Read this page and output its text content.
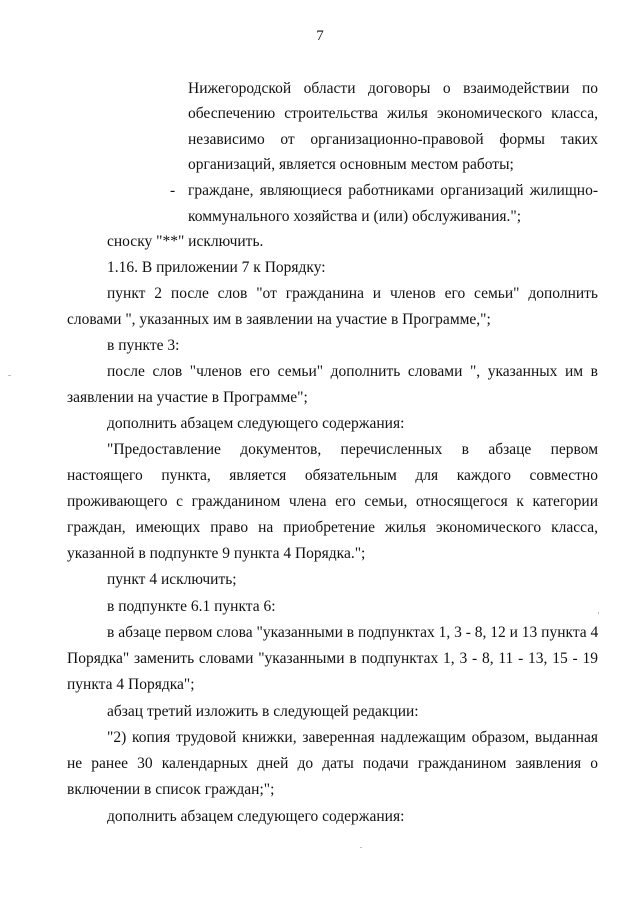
7
Нижегородской области договоры о взаимодействии по
обеспечению строительства жилья экономического класса,
независимо от организационно-правовой формы таких
организаций, является основным местом работы;
- граждане, являющиеся работниками организаций жилищно-
коммунального хозяйства и (или) обслуживания.";
сноску "**" исключить.
1.16. В приложении 7 к Порядку:
пункт 2 после слов "от гражданина и членов его семьи" дополнить
словами ", указанных им в заявлении на участие в Программе,";
в пункте 3:
после слов "членов его семьи" дополнить словами ", указанных им в
заявлении на участие в Программе";
дополнить абзацем следующего содержания:
"Предоставление документов, перечисленных в абзаце первом
настоящего пункта, является обязательным для каждого совместно
проживающего с гражданином члена его семьи, относящегося к категории
граждан, имеющих право на приобретение жилья экономического класса,
указанной в подпункте 9 пункта 4 Порядка.";
пункт 4 исключить;
в подпункте 6.1 пункта 6:
в абзаце первом слова "указанными в подпунктах 1, 3 - 8, 12 и 13 пункта 4
Порядка" заменить словами "указанными в подпунктах 1, 3 - 8, 11 - 13, 15 - 19
пункта 4 Порядка";
абзац третий изложить в следующей редакции:
"2) копия трудовой книжки, заверенная надлежащим образом, выданная
не ранее 30 календарных дней до даты подачи гражданином заявления о
включении в список граждан;";
дополнить абзацем следующего содержания:
